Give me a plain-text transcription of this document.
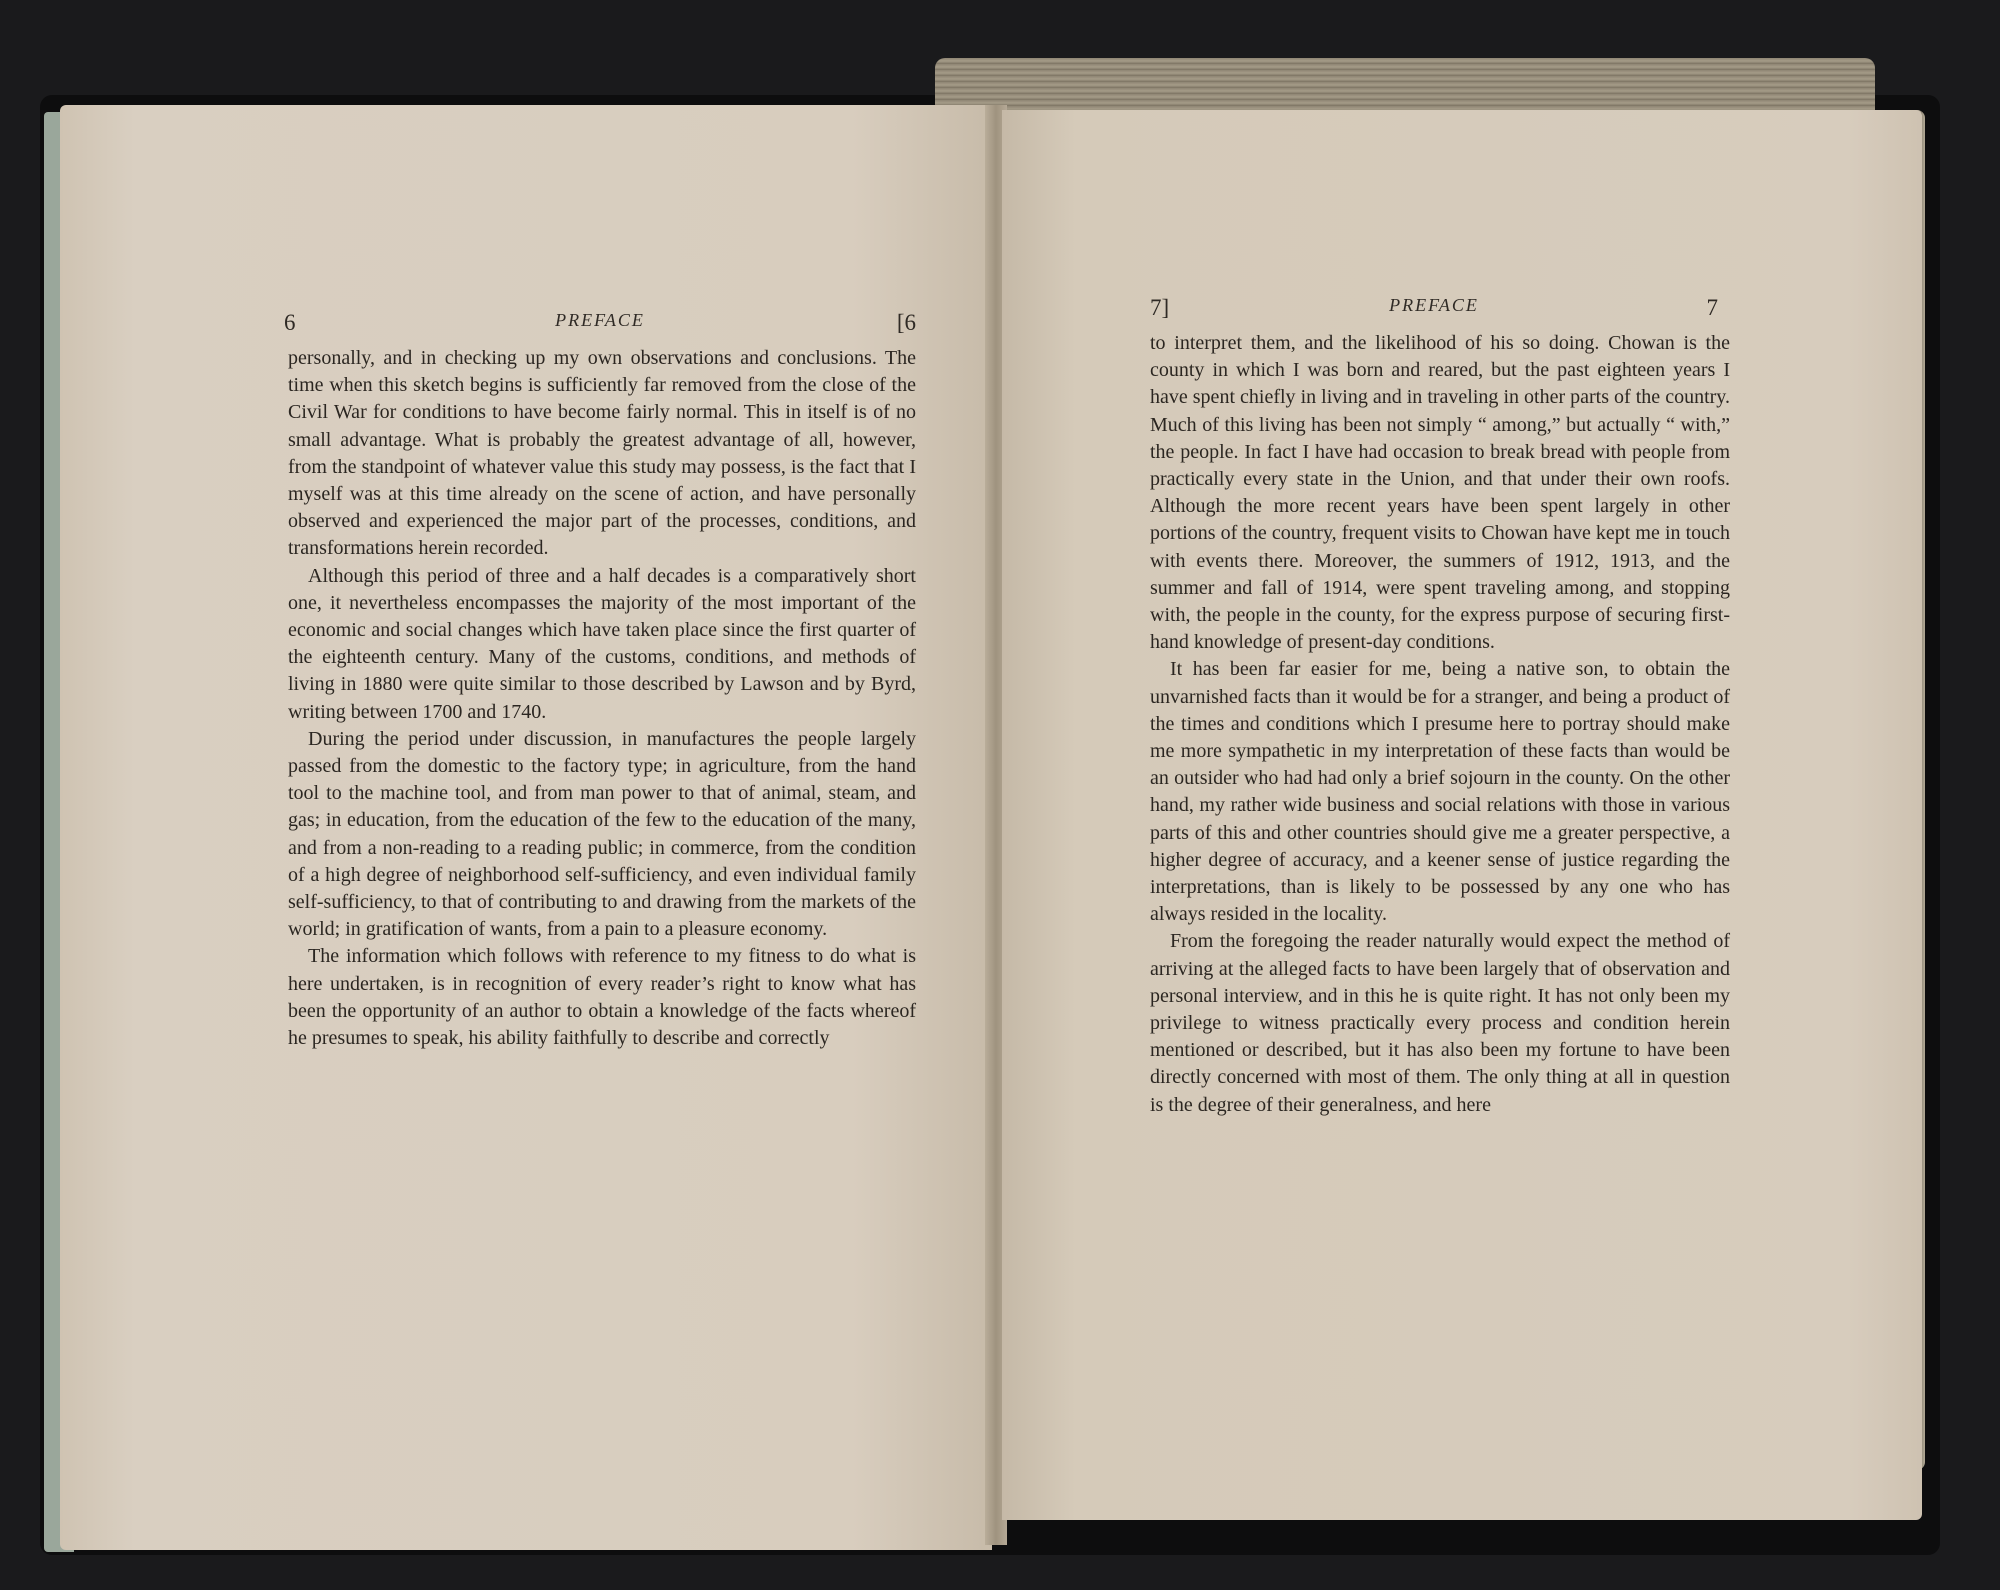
6	PREFACE	[6

personally, and in checking up my own observations and conclusions. The time when this sketch begins is sufficiently far removed from the close of the Civil War for conditions to have become fairly normal. This in itself is of no small advantage. What is probably the greatest advantage of all, however, from the standpoint of whatever value this study may possess, is the fact that I myself was at this time already on the scene of action, and have personally observed and experienced the major part of the processes, conditions, and transformations herein recorded.

Although this period of three and a half decades is a comparatively short one, it nevertheless encompasses the majority of the most important of the economic and social changes which have taken place since the first quarter of the eighteenth century. Many of the customs, conditions, and methods of living in 1880 were quite similar to those described by Lawson and by Byrd, writing between 1700 and 1740.

During the period under discussion, in manufactures the people largely passed from the domestic to the factory type; in agriculture, from the hand tool to the machine tool, and from man power to that of animal, steam, and gas; in education, from the education of the few to the education of the many, and from a non-reading to a reading public; in commerce, from the condition of a high degree of neighborhood self-sufficiency, and even individual family self-sufficiency, to that of contributing to and drawing from the markets of the world; in gratification of wants, from a pain to a pleasure economy.

The information which follows with reference to my fitness to do what is here undertaken, is in recognition of every reader’s right to know what has been the opportunity of an author to obtain a knowledge of the facts whereof he presumes to speak, his ability faithfully to describe and correctly

7]	PREFACE	7

to interpret them, and the likelihood of his so doing. Chowan is the county in which I was born and reared, but the past eighteen years I have spent chiefly in living and in traveling in other parts of the country. Much of this living has been not simply “ among,” but actually “ with,” the people. In fact I have had occasion to break bread with people from practically every state in the Union, and that under their own roofs. Although the more recent years have been spent largely in other portions of the country, frequent visits to Chowan have kept me in touch with events there. Moreover, the summers of 1912, 1913, and the summer and fall of 1914, were spent traveling among, and stopping with, the people in the county, for the express purpose of securing first-hand knowledge of present-day conditions.

It has been far easier for me, being a native son, to obtain the unvarnished facts than it would be for a stranger, and being a product of the times and conditions which I presume here to portray should make me more sympathetic in my interpretation of these facts than would be an outsider who had had only a brief sojourn in the county. On the other hand, my rather wide business and social relations with those in various parts of this and other countries should give me a greater perspective, a higher degree of accuracy, and a keener sense of justice regarding the interpretations, than is likely to be possessed by any one who has always resided in the locality.

From the foregoing the reader naturally would expect the method of arriving at the alleged facts to have been largely that of observation and personal interview, and in this he is quite right. It has not only been my privilege to witness practically every process and condition herein mentioned or described, but it has also been my fortune to have been directly concerned with most of them. The only thing at all in question is the degree of their generalness, and here
